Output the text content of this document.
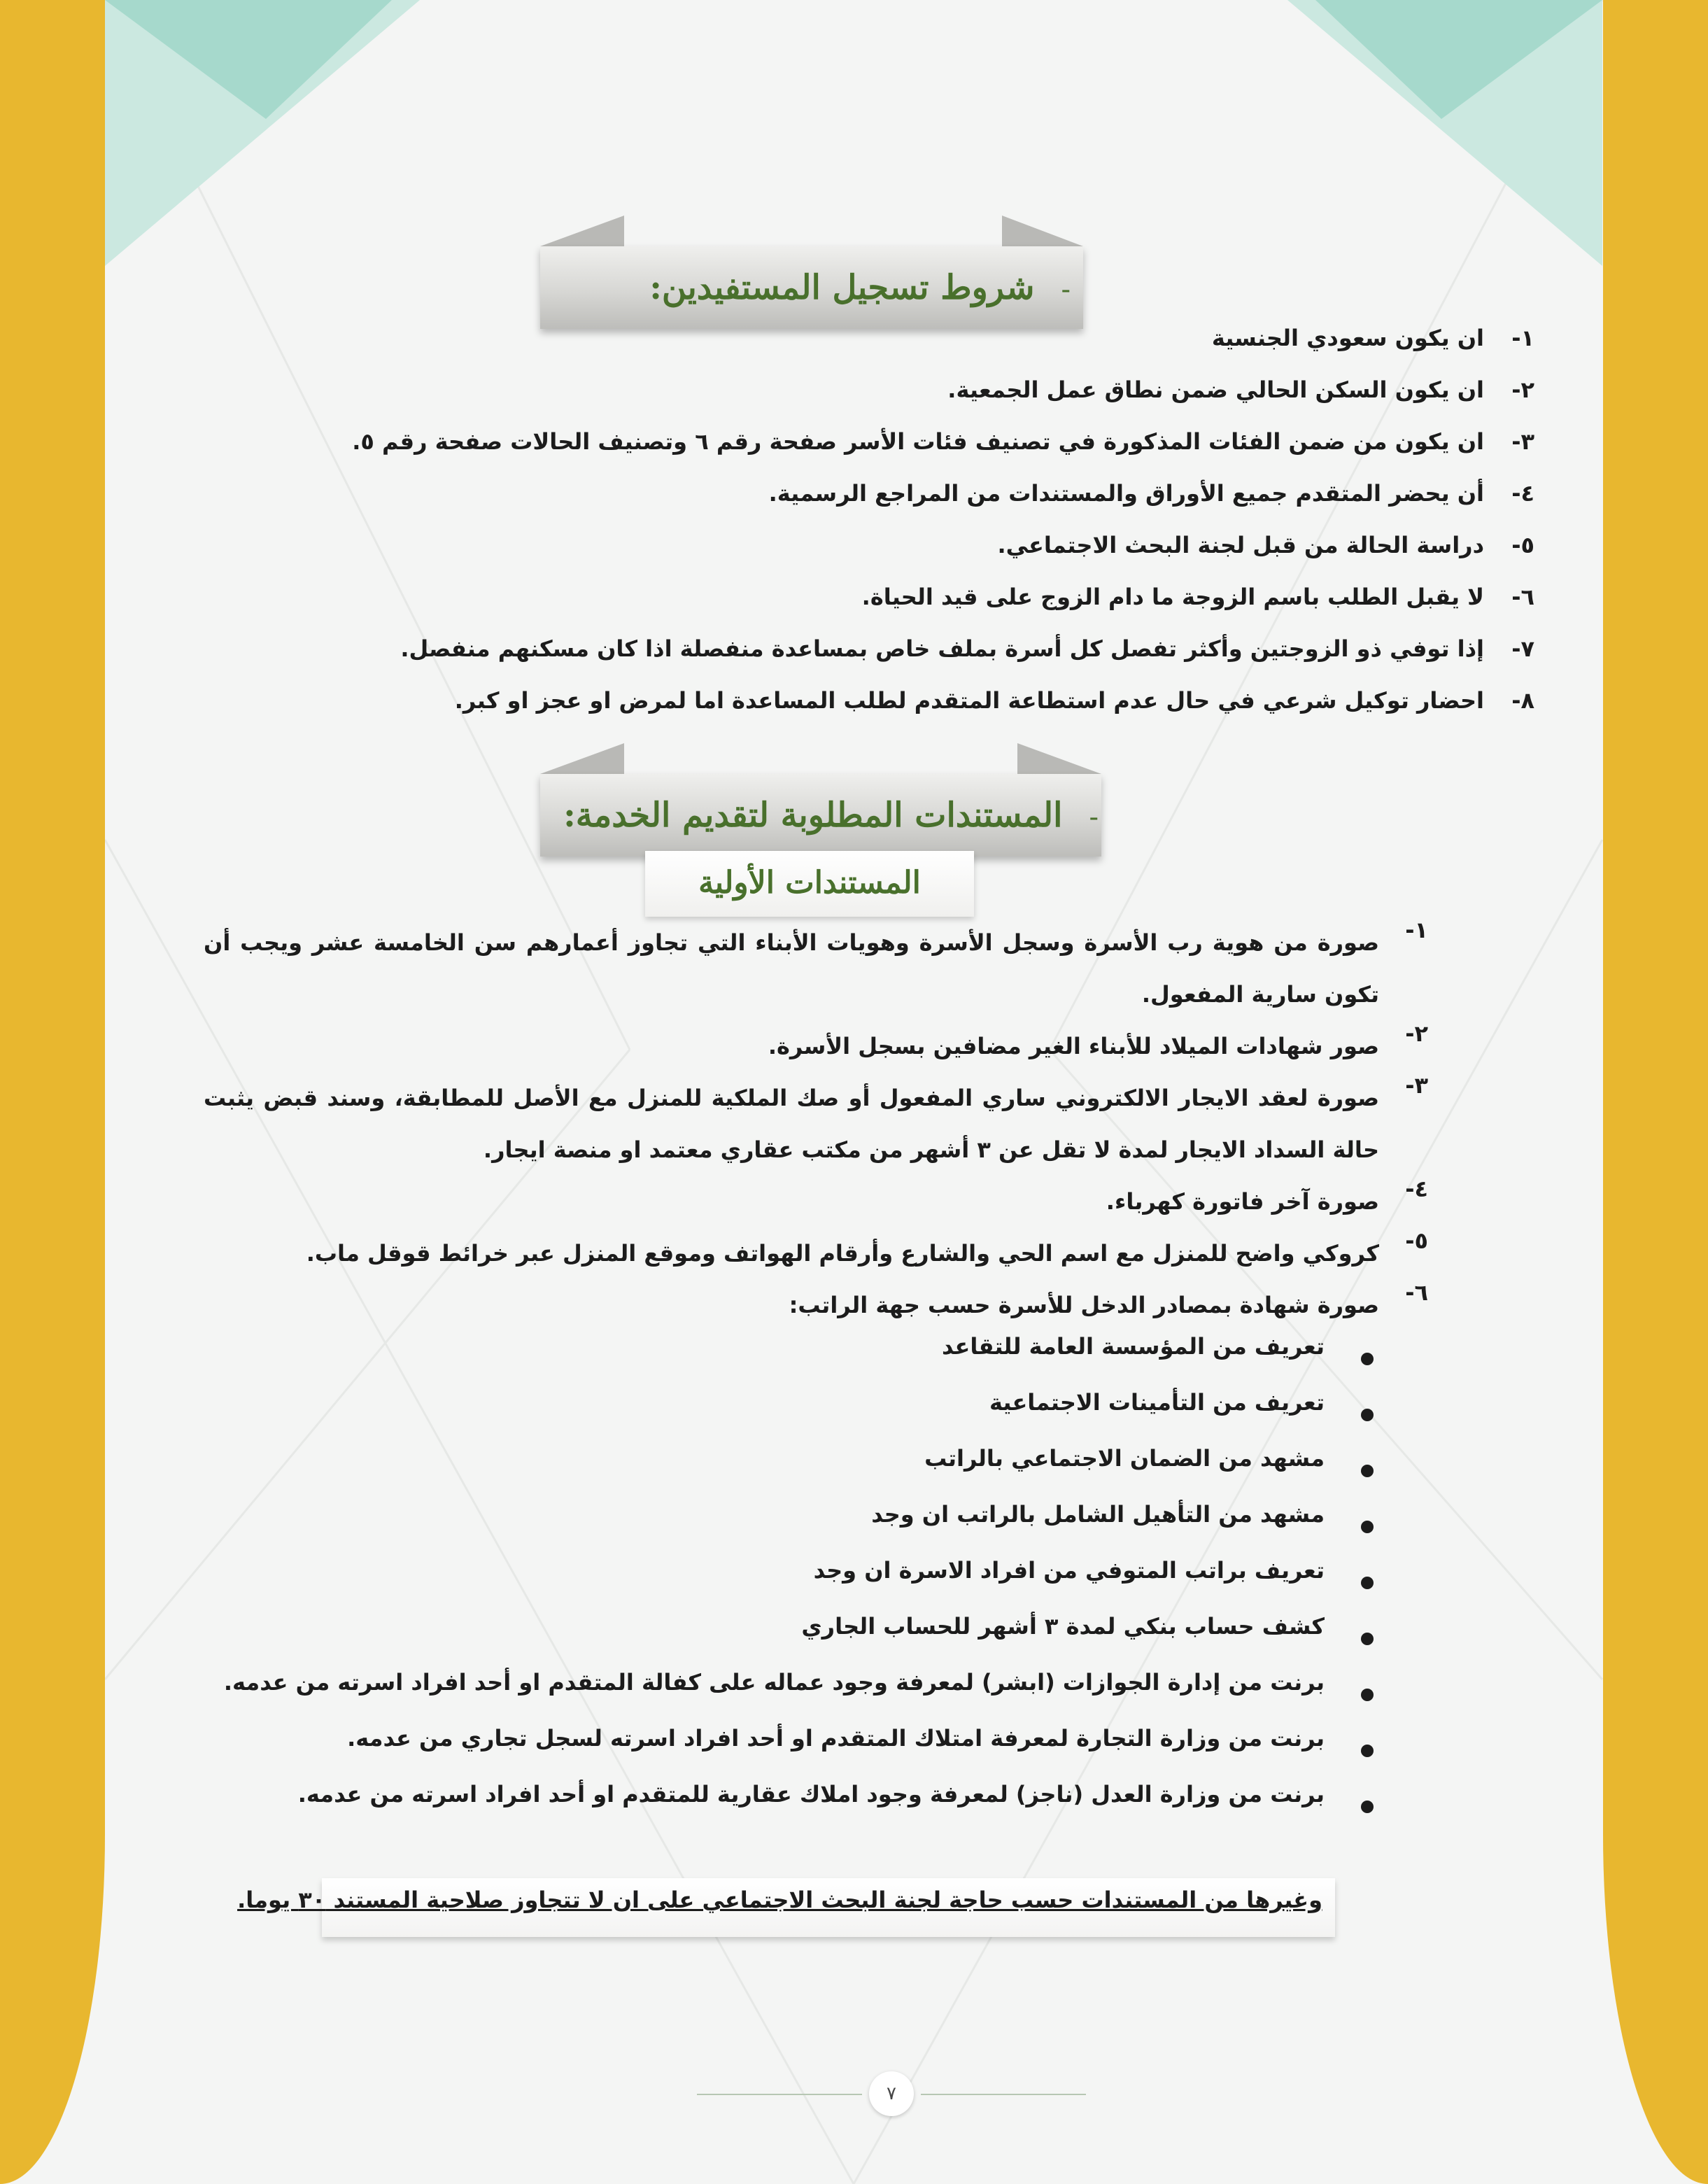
-شروط تسجيل المستفيدين:
١-
ان يكون سعودي الجنسية
٢-
ان يكون السكن الحالي ضمن نطاق عمل الجمعية.
٣-
ان يكون من ضمن الفئات المذكورة في تصنيف فئات الأسر صفحة رقم ٦ وتصنيف الحالات صفحة رقم ٥.
٤-
أن يحضر المتقدم جميع الأوراق والمستندات من المراجع الرسمية.
٥-
دراسة الحالة من قبل لجنة البحث الاجتماعي.
٦-
لا يقبل الطلب باسم الزوجة ما دام الزوج على قيد الحياة.
٧-
إذا توفي ذو الزوجتين وأكثر تفصل كل أسرة بملف خاص بمساعدة منفصلة اذا كان مسكنهم منفصل.
٨-
احضار توكيل شرعي في حال عدم استطاعة المتقدم لطلب المساعدة اما لمرض او عجز او كبر.
-المستندات المطلوبة لتقديم الخدمة:
المستندات الأولية
١-
صورة من هوية رب الأسرة وسجل الأسرة وهويات الأبناء التي تجاوز أعمارهم سن الخامسة عشر ويجب أن تكون سارية المفعول.
٢-
صور شهادات الميلاد للأبناء الغير مضافين بسجل الأسرة.
٣-
صورة لعقد الايجار الالكتروني ساري المفعول أو صك الملكية للمنزل مع الأصل للمطابقة، وسند قبض يثبت حالة السداد الايجار لمدة لا تقل عن ٣ أشهر من مكتب عقاري معتمد او منصة ايجار.
٤-
صورة آخر فاتورة كهرباء.
٥-
كروكي واضح للمنزل مع اسم الحي والشارع وأرقام الهواتف وموقع المنزل عبر خرائط قوقل ماب.
٦-
صورة شهادة بمصادر الدخل للأسرة حسب جهة الراتب:
تعريف من المؤسسة العامة للتقاعد
تعريف من التأمينات الاجتماعية
مشهد من الضمان الاجتماعي بالراتب
مشهد من التأهيل الشامل بالراتب ان وجد
تعريف براتب المتوفي من افراد الاسرة ان وجد
كشف حساب بنكي لمدة ٣ أشهر للحساب الجاري
برنت من إدارة الجوازات (ابشر) لمعرفة وجود عماله على كفالة المتقدم او أحد افراد اسرته من عدمه.
برنت من وزارة التجارة لمعرفة امتلاك المتقدم او أحد افراد اسرته لسجل تجاري من عدمه.
برنت من وزارة العدل (ناجز) لمعرفة وجود املاك عقارية للمتقدم او أحد افراد اسرته من عدمه.
وغيرها من المستندات حسب حاجة لجنة البحث الاجتماعي على ان لا تتجاوز صلاحية المستند ٣٠ يوما.
٧
